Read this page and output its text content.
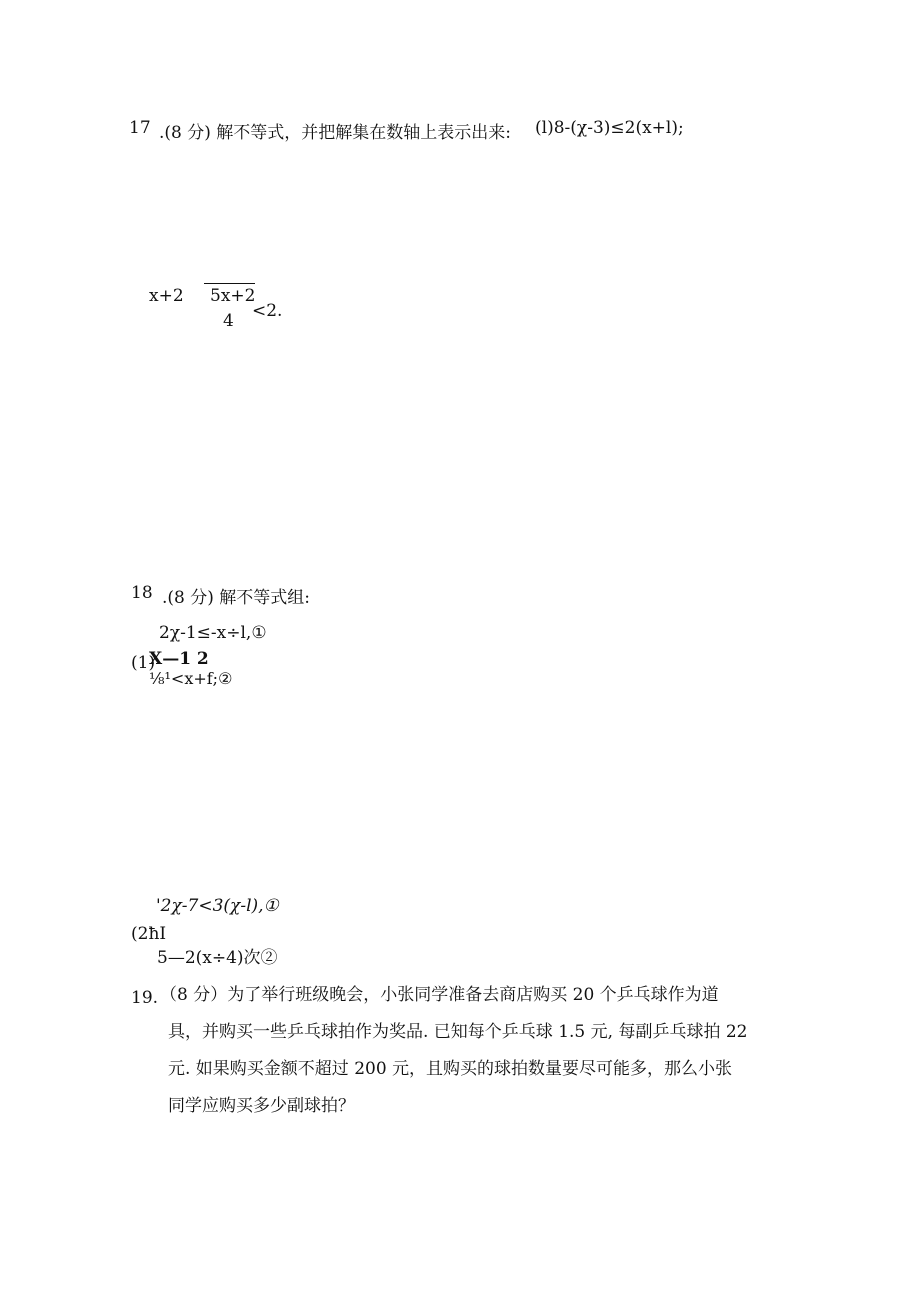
17 .(8 分) 解不等式，并把解集在数轴上表示出来: (l)8-(χ-3)≤2(x+l);
x+2 5x+2
4 <2.
18 .(8 分) 解不等式组:
2χ-1≤-x÷l,①
(1)
X—1 2
⅛¹<x+f;②
'2χ-7<3(χ-l),①
(2ħI
5—2(x÷4)次②
19. （8 分）为了举行班级晚会，小张同学准备去商店购买 20 个乒乓球作为道
具，并购买一些乒乓球拍作为奖品. 已知每个乒乓球 1.5 元, 每副乒乓球拍 22
元. 如果购买金额不超过 200 元，且购买的球拍数量要尽可能多，那么小张
同学应购买多少副球拍？
